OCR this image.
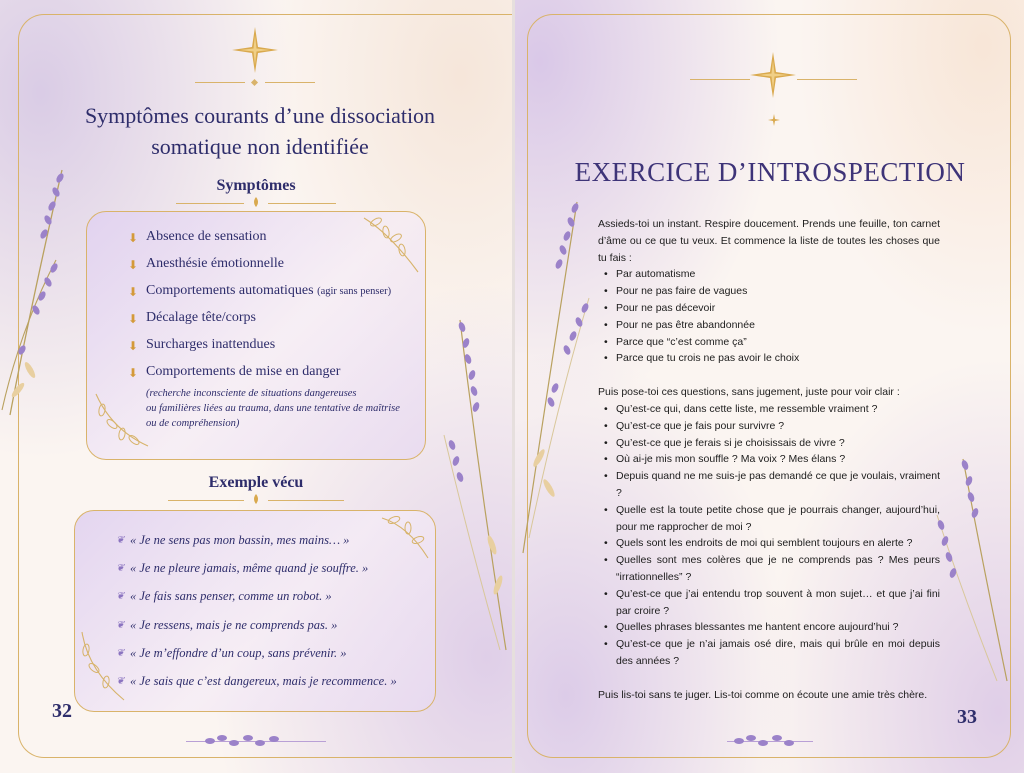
Symptômes courants d’une dissociation
somatique non identifiée
Symptômes
⬇ Absence de sensation
⬇ Anesthésie émotionnelle
⬇ Comportements automatiques (agir sans penser)
⬇ Décalage tête/corps
⬇ Surcharges inattendues
⬇ Comportements de mise en danger
(recherche inconsciente de situations dangereuses
ou familières liées au trauma, dans une tentative de maîtrise
ou de compréhension)
Exemple vécu
❦ « Je ne sens pas mon bassin, mes mains… »
❦ « Je ne pleure jamais, même quand je souffre. »
❦ « Je fais sans penser, comme un robot. »
❦ « Je ressens, mais je ne comprends pas. »
❦ « Je m’effondre d’un coup, sans prévenir. »
❦ « Je sais que c’est dangereux, mais je recommence. »
32
EXERCICE D’INTROSPECTION

Assieds-toi un instant. Respire doucement. Prends une feuille, ton carnet d’âme ou ce que tu veux. Et commence la liste de toutes les choses que tu fais :

• Par automatisme
• Pour ne pas faire de vagues
• Pour ne pas décevoir
• Pour ne pas être abandonnée
• Parce que “c’est comme ça”
• Parce que tu crois ne pas avoir le choix

Puis pose-toi ces questions, sans jugement, juste pour voir clair :

• Qu’est-ce qui, dans cette liste, me ressemble vraiment ?
• Qu’est-ce que je fais pour survivre ?
• Qu’est-ce que je ferais si je choisissais de vivre ?
• Où ai-je mis mon souffle ? Ma voix ? Mes élans ?
• Depuis quand ne me suis-je pas demandé ce que je voulais, vraiment ?
• Quelle est la toute petite chose que je pourrais changer, aujourd’hui, pour me rapprocher de moi ?
• Quels sont les endroits de moi qui semblent toujours en alerte ?
• Quelles sont mes colères que je ne comprends pas ? Mes peurs “irrationnelles” ?
• Qu’est-ce que j’ai entendu trop souvent à mon sujet… et que j’ai fini par croire ?
• Quelles phrases blessantes me hantent encore aujourd’hui ?
• Qu’est-ce que je n’ai jamais osé dire, mais qui brûle en moi depuis des années ?

Puis lis-toi sans te juger. Lis-toi comme on écoute une amie très chère.

33
